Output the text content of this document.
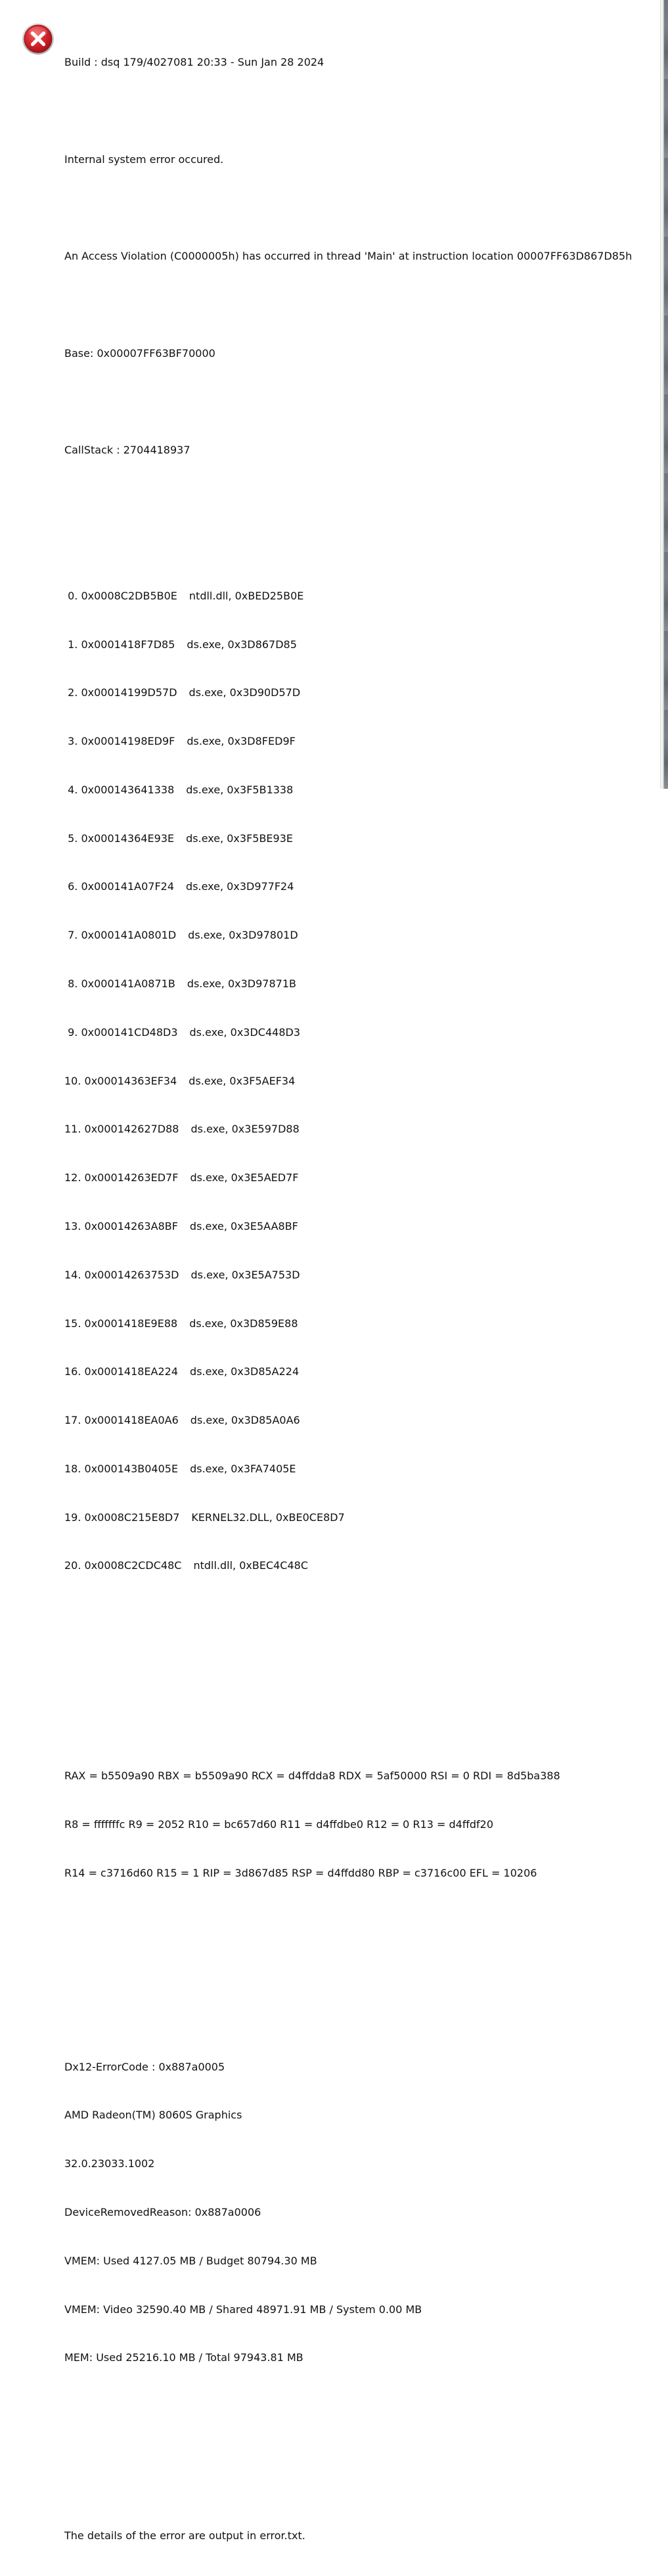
Build : dsq 179/4027081 20:33 - Sun Jan 28 2024

Internal system error occured.

An Access Violation (C0000005h) has occurred in thread 'Main' at instruction location 00007FF63D867D85h

Base: 0x00007FF63BF70000

CallStack : 2704418937

0. 0x0008C2DB5B0E ntdll.dll, 0xBED25B0E

1. 0x0001418F7D85 ds.exe, 0x3D867D85

2. 0x00014199D57D ds.exe, 0x3D90D57D

3. 0x00014198ED9F ds.exe, 0x3D8FED9F

4. 0x000143641338 ds.exe, 0x3F5B1338

5. 0x00014364E93E ds.exe, 0x3F5BE93E

6. 0x000141A07F24 ds.exe, 0x3D977F24

7. 0x000141A0801D ds.exe, 0x3D97801D

8. 0x000141A0871B ds.exe, 0x3D97871B

9. 0x000141CD48D3 ds.exe, 0x3DC448D3

10. 0x00014363EF34 ds.exe, 0x3F5AEF34

11. 0x000142627D88 ds.exe, 0x3E597D88

12. 0x00014263ED7F ds.exe, 0x3E5AED7F

13. 0x00014263A8BF ds.exe, 0x3E5AA8BF

14. 0x00014263753D ds.exe, 0x3E5A753D

15. 0x0001418E9E88 ds.exe, 0x3D859E88

16. 0x0001418EA224 ds.exe, 0x3D85A224

17. 0x0001418EA0A6 ds.exe, 0x3D85A0A6

18. 0x000143B0405E ds.exe, 0x3FA7405E

19. 0x0008C215E8D7 KERNEL32.DLL, 0xBE0CE8D7

20. 0x0008C2CDC48C ntdll.dll, 0xBEC4C48C

RAX = b5509a90 RBX = b5509a90 RCX = d4ffdda8 RDX = 5af50000 RSI = 0 RDI = 8d5ba388

R8 = fffffffc R9 = 2052 R10 = bc657d60 R11 = d4ffdbe0 R12 = 0 R13 = d4ffdf20

R14 = c3716d60 R15 = 1 RIP = 3d867d85 RSP = d4ffdd80 RBP = c3716c00 EFL = 10206

Dx12-ErrorCode : 0x887a0005

AMD Radeon(TM) 8060S Graphics

32.0.23033.1002

DeviceRemovedReason: 0x887a0006

VMEM: Used 4127.05 MB / Budget 80794.30 MB

VMEM: Video 32590.40 MB / Shared 48971.91 MB / System 0.00 MB

MEM: Used 25216.10 MB / Total 97943.81 MB

The details of the error are output in error.txt.
